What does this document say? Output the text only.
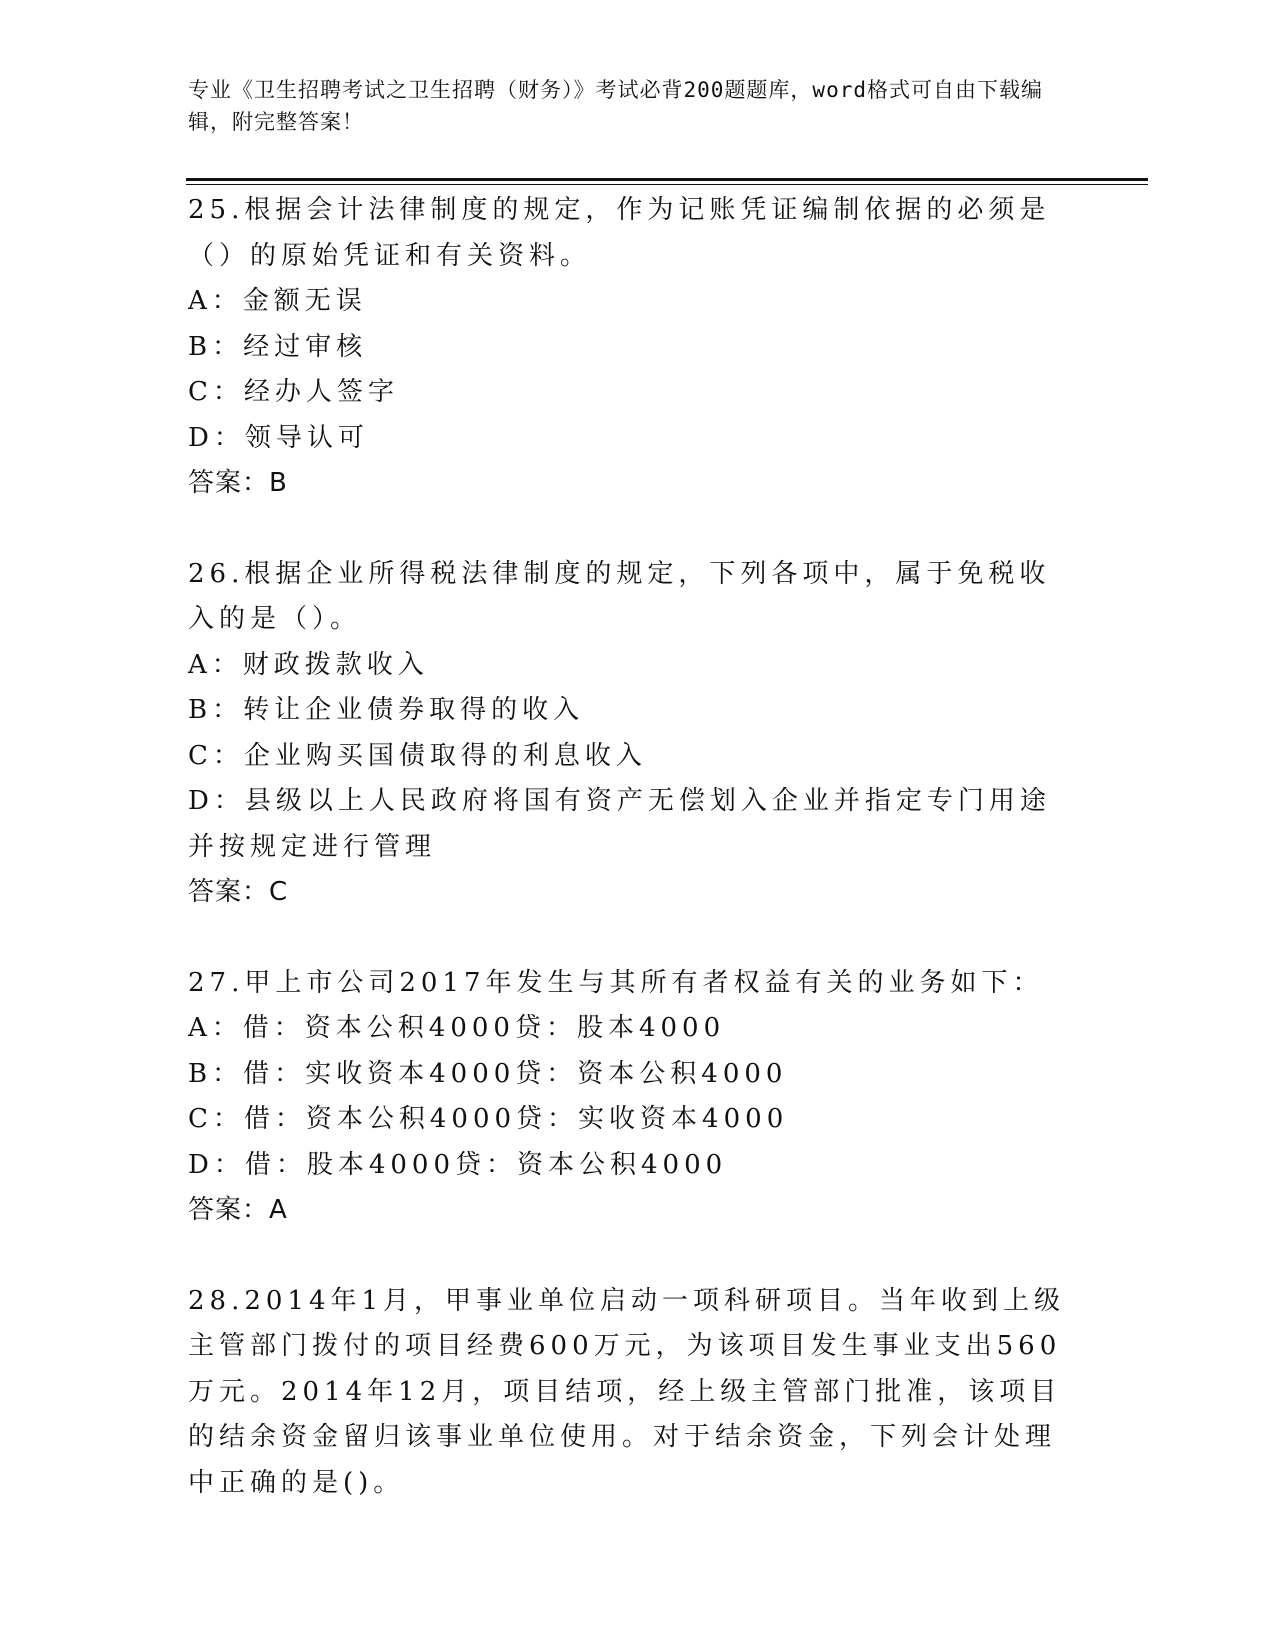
专业《卫生招聘考试之卫生招聘（财务）》考试必背200题题库，word格式可自由下载编辑，附完整答案！

25.根据会计法律制度的规定，作为记账凭证编制依据的必须是（）的原始凭证和有关资料。

A：金额无误

B：经过审核

C：经办人签字

D：领导认可

答案：B

26.根据企业所得税法律制度的规定，下列各项中，属于免税收入的是（）。

A：财政拨款收入

B：转让企业债券取得的收入

C：企业购买国债取得的利息收入

D：县级以上人民政府将国有资产无偿划入企业并指定专门用途并按规定进行管理

答案：C

27.甲上市公司2017年发生与其所有者权益有关的业务如下：

A：借：资本公积4000贷：股本4000

B：借：实收资本4000贷：资本公积4000

C：借：资本公积4000贷：实收资本4000

D：借：股本4000贷：资本公积4000

答案：A

28.2014年1月，甲事业单位启动一项科研项目。当年收到上级主管部门拨付的项目经费600万元，为该项目发生事业支出560万元。2014年12月，项目结项，经上级主管部门批准，该项目的结余资金留归该事业单位使用。对于结余资金，下列会计处理中正确的是()。
